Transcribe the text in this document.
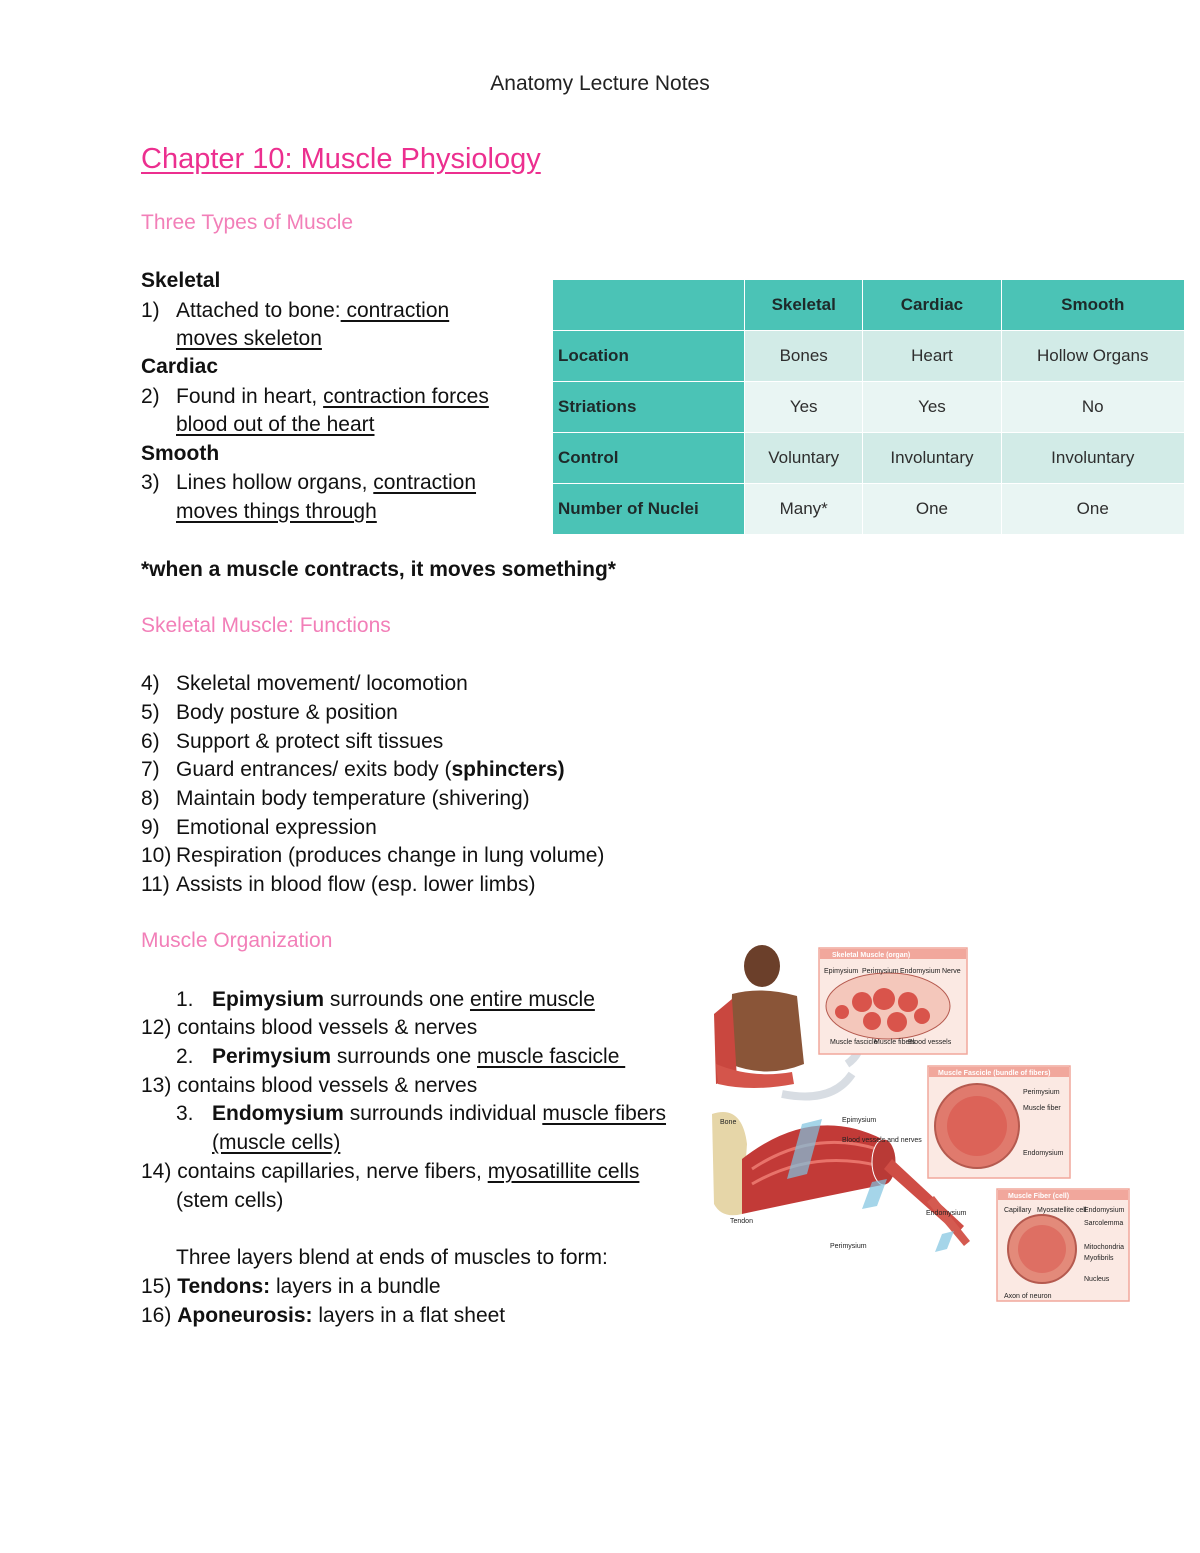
Anatomy Lecture Notes
Chapter 10: Muscle Physiology
Three Types of Muscle
Skeletal
1) Attached to bone: contraction
moves skeleton
Cardiac
2) Found in heart, contraction forces
blood out of the heart
Smooth
3) Lines hollow organs, contraction
moves things through
	Skeletal	Cardiac	Smooth
Location	Bones	Heart	Hollow Organs
Striations	Yes	Yes	No
Control	Voluntary	Involuntary	Involuntary
Number of Nuclei	Many*	One	One
*when a muscle contracts, it moves something*
Skeletal Muscle: Functions
4) Skeletal movement/ locomotion
5) Body posture & position
6) Support & protect sift tissues
7) Guard entrances/ exits body (sphincters)
8) Maintain body temperature (shivering)
9) Emotional expression
10) Respiration (produces change in lung volume)
11) Assists in blood flow (esp. lower limbs)
Muscle Organization
1. Epimysium surrounds one entire muscle
12) contains blood vessels & nerves
2. Perimysium surrounds one muscle fascicle
13) contains blood vessels & nerves
3. Endomysium surrounds individual muscle fibers
(muscle cells)
14) contains capillaries, nerve fibers, myosatillite cells
(stem cells)
Three layers blend at ends of muscles to form:
15) Tendons: layers in a bundle
16) Aponeurosis: layers in a flat sheet
Skeletal Muscle (organ)
Epimysium Perimysium Endomysium Nerve
Muscle fascicle
Muscle fibers
Blood vessels
Muscle Fascicle (bundle of fibers)
Perimysium
Muscle fiber
Endomysium
Muscle Fiber (cell)
Capillary Myosatellite cell
Endomysium
Sarcolemma
Mitochondria
Myofibrils
Nucleus
Axon of neuron
Bone	Epimysium
Blood vessels and nerves
Endomysium
Perimysium
Tendon
